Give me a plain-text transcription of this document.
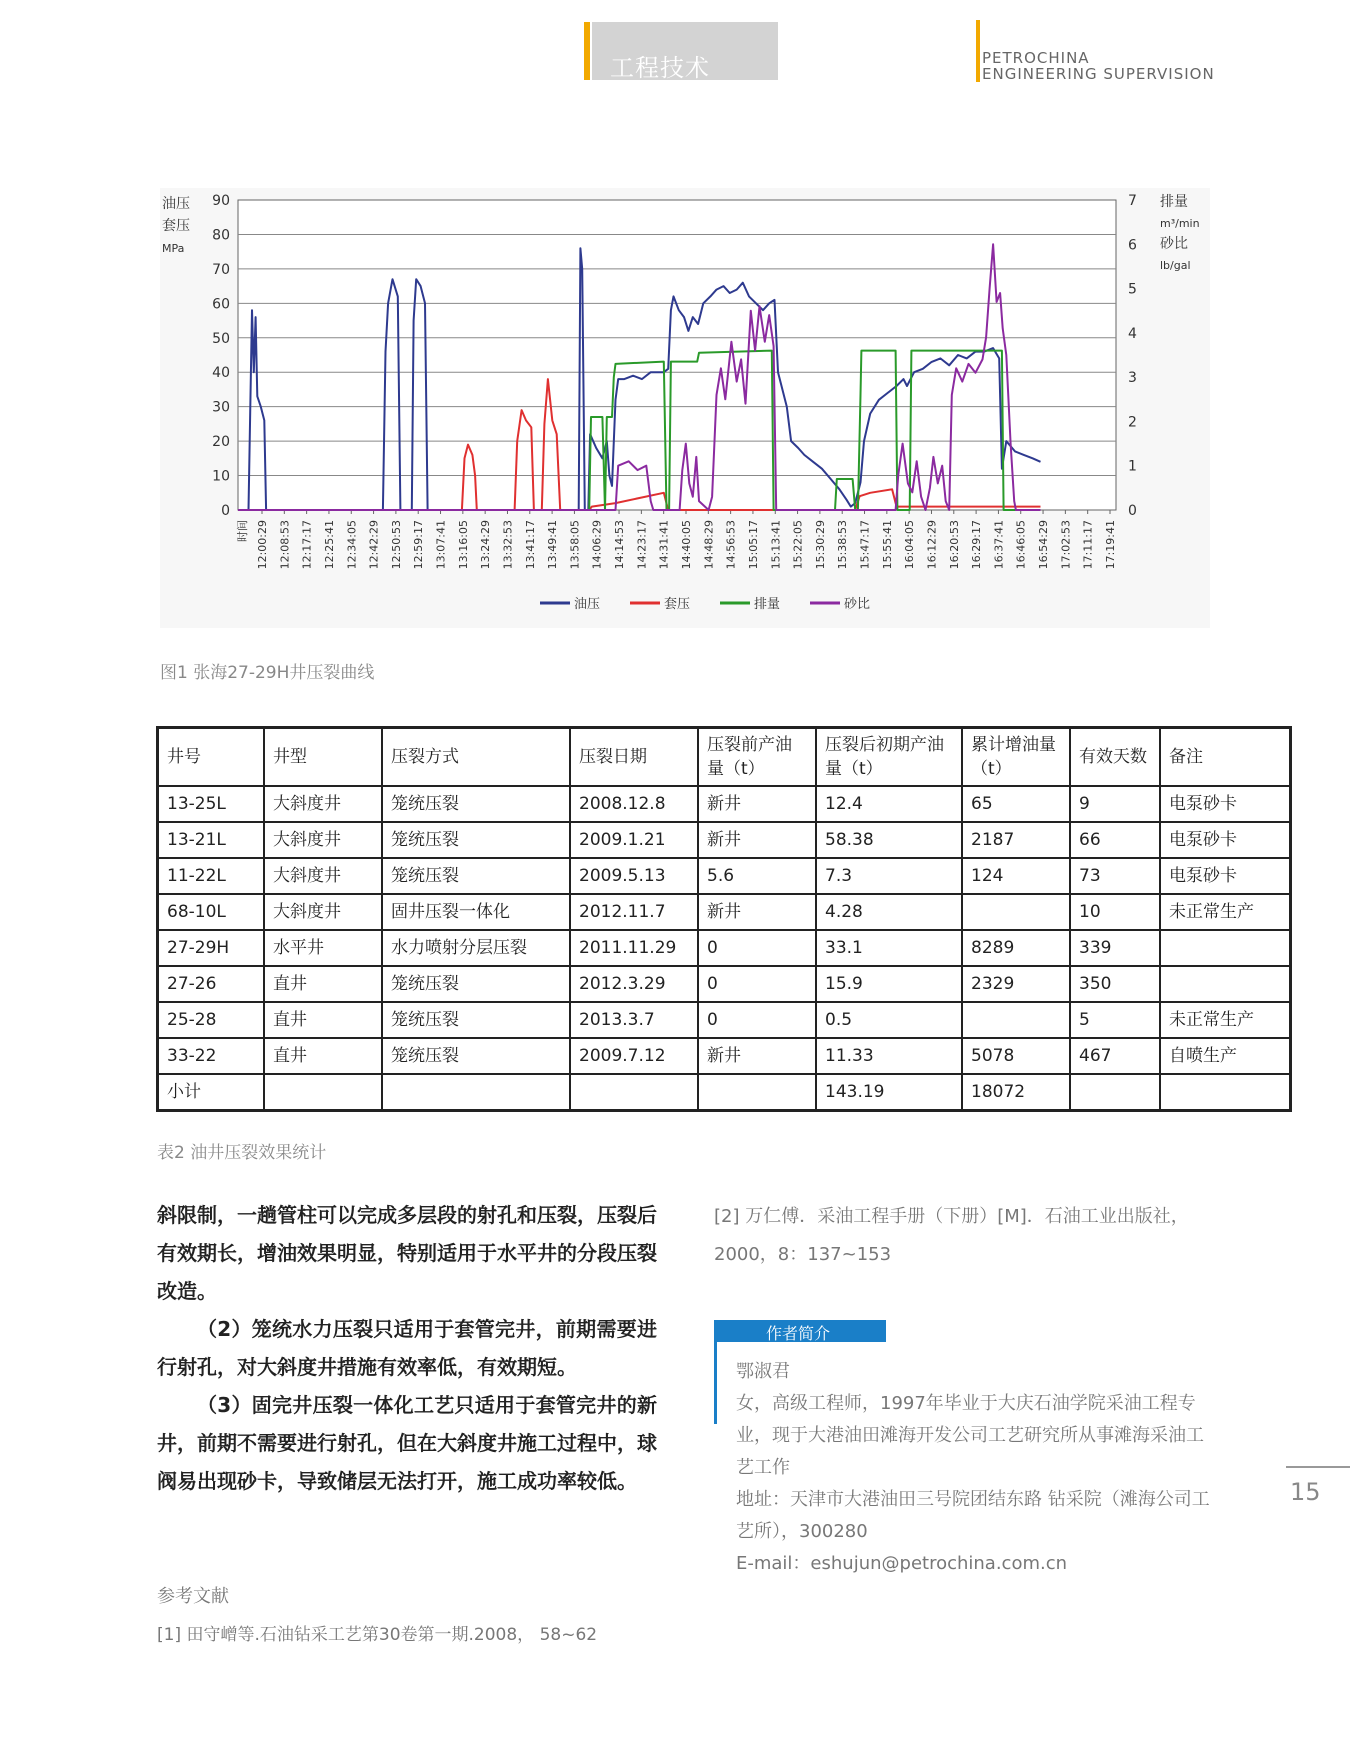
工程技术	PETROCHINA
ENGINEERING SUPERVISION
0
10
20
30
40
50
60
70
80
90
0
1
2
3
4
5
6
7
12:00:29 12:08:53 12:17:17 12:25:41 12:34:05 12:42:29 12:50:53 12:59:17 13:07:41 13:16:05 13:24:29 13:32:53 13:41:17 13:49:41 13:58:05 14:06:29 14:14:53 14:23:17 14:31:41 14:40:05 14:48:29 14:56:53 15:05:17 15:13:41 15:22:05 15:30:29 15:38:53 15:47:17 15:55:41 16:04:05 16:12:29 16:20:53 16:29:17 16:37:41 16:46:05 16:54:29 17:02:53 17:11:17 17:19:41
时间
油压
套压
MPa
排量
m³/min
砂比
lb/gal
油压	套压	排量	砂比
图1 张海27-29H井压裂曲线
井号	井型	压裂方式	压裂日期	压裂前产油量（t）	压裂后初期产油量（t）	累计增油量（t）	有效天数	备注
13-25L	大斜度井	笼统压裂	2008.12.8	新井	12.4	65	9	电泵砂卡
13-21L	大斜度井	笼统压裂	2009.1.21	新井	58.38	2187	66	电泵砂卡
11-22L	大斜度井	笼统压裂	2009.5.13	5.6	7.3	124	73	电泵砂卡
68-10L	大斜度井	固井压裂一体化	2012.11.7	新井	4.28		10	未正常生产
27-29H	水平井	水力喷射分层压裂	2011.11.29	0	33.1	8289	339	
27-26	直井	笼统压裂	2012.3.29	0	15.9	2329	350	
25-28	直井	笼统压裂	2013.3.7	0	0.5		5	未正常生产
33-22	直井	笼统压裂	2009.7.12	新井	11.33	5078	467	自喷生产
小计					143.19	18072		
表2 油井压裂效果统计

斜限制，一趟管柱可以完成多层段的射孔和压裂，压裂后有效期长，增油效果明显，特别适用于水平井的分段压裂改造。

（2）笼统水力压裂只适用于套管完井，前期需要进行射孔，对大斜度井措施有效率低，有效期短。

（3）固完井压裂一体化工艺只适用于套管完井的新井，前期不需要进行射孔，但在大斜度井施工过程中，球阀易出现砂卡，导致储层无法打开，施工成功率较低。

参考文献
[1] 田守嶒等.石油钻采工艺第30卷第一期.2008， 58~62
[2] 万仁傅．采油工程手册（下册）[M]．石油工业出版社，2000，8：137~153
作者简介

鄂淑君

女，高级工程师，1997年毕业于大庆石油学院采油工程专业，现于大港油田滩海开发公司工艺研究所从事滩海采油工艺工作

地址：天津市大港油田三号院团结东路 钻采院（滩海公司工艺所），300280

E-mail：eshujun@petrochina.com.cn

15
